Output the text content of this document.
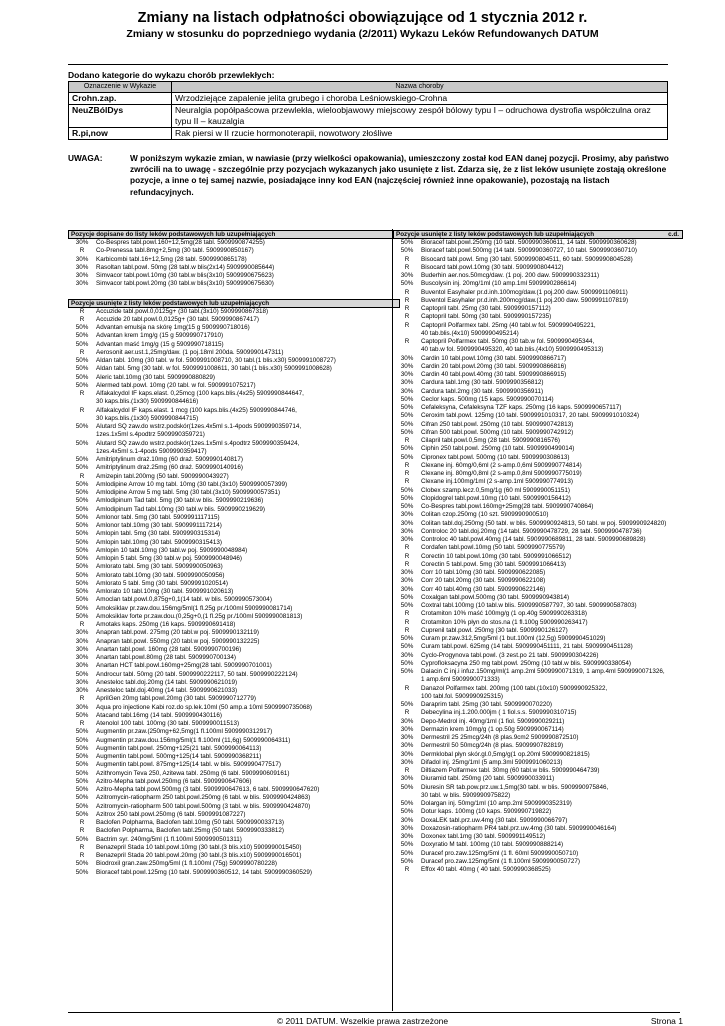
Zmiany na listach odpłatności obowiązujące od 1 stycznia 2012 r.
Zmiany w stosunku do poprzedniego wydania (2/2011) Wykazu Leków Refundowanych DATUM
Dodano kategorie do wykazu chorób przewlekłych:
Oznaczenie w Wykazie	Nazwa choroby
Crohn.zap.	Wrzodziejące zapalenie jelita grubego i choroba Leśniowskiego-Crohna
NeuZBólDys	Neuralgia popółpaścowa przewlekła, wieloobjawowy miejscowy zespół bólowy typu I – odruchowa dystrofia współczulna oraz typu II – kauzalgia
R.pi,now	Rak piersi w II rzucie hormonoterapii, nowotwory złośliwe
UWAGA:	W poniższym wykazie zmian, w nawiasie (przy wielkości opakowania), umieszczony został kod EAN danej pozycji. Prosimy, aby państwo zwrócili na to uwagę - szczególnie przy pozycjach wykazanych jako usunięte z list. Zdarza się, że z list leków usunięte zostają określone pozycje, a inne o tej samej nazwie, posiadające inny kod EAN (najczęściej również inne opakowanie), pozostają na listach refundacyjnych.
Pozycje dopisane do listy leków podstawowych lub uzupełniających
30%	Co-Bespres tabl.powl.160+12,5mg(28 tabl. 5909990874255)
R	Co-Prenessa tabl.8mg+2,5mg (30 tabl. 5909990850167)
30%	Karbicombi tabl.16+12,5mg (28 tabl. 5909990865178)
30%	Rasoltan tabl.powl. 50mg (28 tabl.w blis(2x14) 5909990085644)
30%	Simvacor tabl.powl.10mg (30 tabl.w blis(3x10) 5909990675623)
30%	Simvacor tabl.powl.20mg (30 tabl.w blis(3x10) 5909990675630)
Pozycje usunięte z listy leków podstawowych lub uzupełniających
R	Accuzide tabl.powl.0,0125g+ (30 tabl.(3x10) 5909990867318)
R	Accuzide 20 tabl.powl.0,0125g+ (30 tabl. 5909990867417)
50%	Advantan emulsja na skórę 1mg(15 g 5909990718016)
50%	Advantan krem 1mg/g (15 g 5909990717910)
50%	Advantan maść 1mg/g (15 g 5909990718115)
R	Aerosonit aer.ust.1,25mg/daw. (1 poj.18ml 200da. 5909990147311)
50%	Aldan tabl. 10mg (30 tabl. w fol. 5909991008710, 30 tabl.(1 blis.x30) 5909991008727)
50%	Aldan tabl. 5mg (30 tabl. w fol. 5909991008611, 30 tabl.(1 blis.x30) 5909991008628)
50%	Aleric tabl.10mg (30 tabl. 5909990880829)
50%	Alermed tabl.powl. 10mg (20 tabl. w fol. 5909991075217)
R	Alfakalcydol IF kaps.elast. 0,25mcg (100 kaps.blis.(4x25) 5909990844647,
30 kaps.blis.(1x30) 5909990844616)
R	Alfakalcydol IF kaps.elast. 1 mcg (100 kaps.blis.(4x25) 5909990844746,
30 kaps.blis.(1x30) 5909990844715)
50%	Alutard SQ zaw.do wstrz.podskór(1zes.4x5ml s.1-4pods 5909990359714,
1zes.1x5ml s.4podtrz 5909990359721)
50%	Alutard SQ zaw.do wstrz.podskór(1zes.1x5ml s.4podtrz 5909990359424,
1zes.4x5ml s.1-4pods 5909990359417)
50%	Amitriptylinum draż.10mg (60 draż. 5909990140817)
50%	Amitriptylinum draż.25mg (60 draż. 5909990140916)
R	Amizepin tabl.200mg (50 tabl. 5909990043927)
50%	Amlodipine Arrow 10 mg tabl. 10mg (30 tabl.(3x10) 5909990057399)
50%	Amlodipine Arrow 5 mg tabl. 5mg (30 tabl.(3x10) 5909990057351)
50%	Amlodipinum Tad tabl. 5mg (30 tabl.w blis. 5909990219636)
50%	Amlodipinum Tad tabl.10mg (30 tabl.w blis. 5909990219629)
50%	Amlonor tabl. 5mg (30 tabl. 5909991117115)
50%	Amlonor tabl.10mg (30 tabl. 5909991117214)
50%	Amlopin tabl. 5mg (30 tabl. 5909990315314)
50%	Amlopin tabl.10mg (30 tabl. 5909990315413)
50%	Amlopin 10 tabl.10mg (30 tabl.w poj. 5909990048984)
50%	Amlopin 5 tabl. 5mg (30 tabl.w poj. 5909990048946)
50%	Amlorato tabl. 5mg (30 tabl. 5909990050963)
50%	Amlorato tabl.10mg (30 tabl. 5909990050956)
50%	Amlorato 5 tabl. 5mg (30 tabl. 5909991020514)
50%	Amlorato 10 tabl.10mg (30 tabl. 5909991020613)
50%	Amoclan tabl.powl.0,875g+0,1(14 tabl. w blis. 5909990573004)
50%	Amoksiklav pr.zaw.dou.156mg/5ml(1 fl.25g pr./100ml 5909990081714)
50%	Amoksiklav forte pr.zaw.dou.(0,25g+0,(1 fl.25g pr./100ml 5909990081813)
R	Amotaks kaps. 250mg (16 kaps. 5909990691418)
30%	Anapran tabl.powl. 275mg (20 tabl.w poj. 5909990132119)
30%	Anapran tabl.powl. 550mg (20 tabl.w poj. 5909990132225)
30%	Anartan tabl.powl. 160mg (28 tabl. 5909990700196)
30%	Anartan tabl.powl.80mg (28 tabl. 5909990700134)
30%	Anartan HCT tabl.powl.160mg+25mg(28 tabl. 5909990701001)
50%	Androcur tabl. 50mg (20 tabl. 5909990222117, 50 tabl. 5909990222124)
30%	Anesteloc tabl.doj.20mg (14 tabl. 5909990621019)
30%	Anesteloc tabl.doj.40mg (14 tabl. 5909990621033)
R	AprilGen 20mg tabl.powl.20mg (30 tabl. 5909990712779)
30%	Aqua pro injectione Kabi roz.do sp.lek.10ml (50 amp.a 10ml 5909990735068)
50%	Atacand tabl.16mg (14 tabl. 5909990430116)
R	Atenolol 100 tabl. 100mg (30 tabl. 5909990011513)
50%	Augmentin pr.zaw.(250mg+62,5mg(1 fl.100ml 5909990312917)
50%	Augmentin pr.zaw.dou.156mg/5ml(1 fl.100ml (11,6g) 5909990064311)
50%	Augmentin tabl.powl. 250mg+125(21 tabl. 5909990064113)
50%	Augmentin tabl.powl. 500mg+125(14 tabl. 5909990368211)
50%	Augmentin tabl.powl. 875mg+125(14 tabl. w blis. 5909990477517)
50%	Azithromycin Teva 250, Azitewa tabl. 250mg (6 tabl. 5909990609161)
50%	Azitro-Mepha tabl.powl.250mg (6 tabl. 5909990647606)
50%	Azitro-Mepha tabl.powl.500mg (3 tabl. 5909990647613, 6 tabl. 5909990647620)
50%	Azitromycin-ratiopharm 250 tabl.powl.250mg (6 tabl. w blis. 5909990424863)
50%	Azitromycin-ratiopharm 500 tabl.powl.500mg (3 tabl. w blis. 5909990424870)
50%	Azitrox 250 tabl.powl.250mg (6 tabl. 5909991087227)
R	Baclofen Polpharma, Baclofen tabl.10mg (50 tabl. 5909990033713)
R	Baclofen Polpharma, Baclofen tabl.25mg (50 tabl. 5909990333812)
50%	Bactrim syr. 240mg/5ml (1 fl.100ml 5909990501311)
R	Benazepril Stada 10 tabl.powl.10mg (30 tabl.(3 blis.x10) 5909990015450)
R	Benazepril Stada 20 tabl.powl.20mg (30 tabl.(3 blis.x10) 5909990016501)
50%	Biodroxil gran.zaw.250mg/5ml (1 fl.100ml (75g) 5909990780228)
50%	Bioracef tabl.powl.125mg (10 tabl. 5909990360512, 14 tabl. 5909990360529)
Pozycje usunięte z listy leków podstawowych lub uzupełniających	c.d.
50%	Bioracef tabl.powl.250mg (10 tabl. 5909990360611, 14 tabl. 5909990360628)
50%	Bioracef tabl.powl.500mg (14 tabl. 5909990360727, 10 tabl. 5909990360710)
R	Bisocard tabl.powl. 5mg (30 tabl. 5909990804511, 60 tabl. 5909990804528)
R	Bisocard tabl.powl.10mg (30 tabl. 5909990804412)
30%	Buderhin aer.nos.50mcg/daw. (1 poj. 200 daw. 5909990332311)
50%	Buscolysin inj. 20mg/1ml (10 amp.1ml 5909990286614)
R	Buventol Easyhaler pr.d.inh.100mcg/daw.(1 poj.200 daw. 5909991106911)
R	Buventol Easyhaler pr.d.inh.200mcg/daw.(1 poj.200 daw. 5909991107819)
R	Captopril tabl. 25mg (30 tabl. 5909990157112)
R	Captopril tabl. 50mg (30 tabl. 5909990157235)
R	Captopril Polfarmex tabl. 25mg (40 tabl.w fol. 5909990495221,
40 tab.blis.(4x10) 5909990495214)
R	Captopril Polfarmex tabl. 50mg (30 tab.w fol. 5909990495344,
40 tab.w fol. 5909990495320, 40 tab.blis.(4x10) 5909990495313)
30%	Cardin 10 tabl.powl.10mg (30 tabl. 5909990866717)
30%	Cardin 20 tabl.powl.20mg (30 tabl. 5909990866816)
30%	Cardin 40 tabl.powl.40mg (30 tabl. 5909990866915)
30%	Cardura tabl.1mg (30 tabl. 5909990356812)
30%	Cardura tabl.2mg (30 tabl. 5909990356911)
50%	Ceclor kaps. 500mg (15 kaps. 5909990070114)
50%	Cefaleksyna, Cefaleksyna TZF kaps. 250mg (16 kaps. 5909990657117)
50%	Ceroxim tabl.powl. 125mg (10 tabl. 5909991010317, 20 tabl. 5909991010324)
50%	Cifran 250 tabl.powl. 250mg (10 tabl. 5909990742813)
50%	Cifran 500 tabl.powl. 500mg (10 tabl. 5909990742912)
R	Cilapril tabl.powl.0,5mg (28 tabl. 5909990816576)
50%	Ciphin 250 tabl.powl. 250mg (10 tabl. 5909990499014)
50%	Cipronex tabl.powl. 500mg (10 tabl. 5909990308613)
R	Clexane inj. 60mg/0,6ml (2 s-amp.0,6ml 5909990774814)
R	Clexane inj. 80mg/0,8ml (2 s-amp.0,8ml 5909990775019)
R	Clexane inj.100mg/1ml (2 s-amp.1ml 5909990774913)
50%	Clobex szamp.lecz.0,5mg/1g (60 ml 5909990051151)
50%	Clopidogrel tabl.powl.10mg (10 tabl. 5909990156412)
50%	Co-Bespres tabl.powl.160mg+25mg(28 tabl. 5909990740864)
30%	Colitan czop.250mg (10 szt. 5909990900510)
30%	Colitan tabl.doj.250mg (50 tabl. w blis. 5909990924813, 50 tabl. w poj. 5909990924820)
30%	Controloc 20 tabl.doj.20mg (14 tabl. 5909990478729, 28 tabl. 5909990478736)
30%	Controloc 40 tabl.powl.40mg (14 tabl. 5909990689811, 28 tabl. 5909990689828)
R	Cordafen tabl.powl.10mg (50 tabl. 5909990775579)
R	Corectin 10 tabl.powl.10mg (30 tabl. 5909991066512)
R	Corectin 5 tabl.powl. 5mg (30 tabl. 5909991066413)
30%	Corr 10 tabl.10mg (30 tabl. 5909990622085)
30%	Corr 20 tabl.20mg (30 tabl. 5909990622108)
30%	Corr 40 tabl.40mg (30 tabl. 5909990622146)
50%	Coxalgan tabl.powl.500mg (30 tabl. 5909990943814)
50%	Coxtral tabl.100mg (10 tabl.w blis. 5909990587797, 30 tabl. 5909990587803)
R	Crotamiton 10% maść 100mg/g (1 op.40g 5909990263318)
R	Crotamiton 10% płyn do stos.na (1 fl.100g 5909990263417)
R	Cuprenil tabl.powl. 250mg (30 tabl. 5909990126127)
50%	Curam pr.zaw.312,5mg/5ml (1 but.100ml (12,5g) 5909990451029)
50%	Curam tabl.powl. 625mg (14 tabl. 5909990451111, 21 tabl. 5909990451128)
30%	Cyclo-Progynova tabl.powl. (3 zest.po 21 tabl. 5909990304226)
50%	Cyprofloksacyna 250 mg tabl.powl. 250mg (10 tabl.w blis. 5909990338054)
50%	Dalacin C inj.i infuz.150mg/ml(1 amp.2ml 5909990071319, 1 amp.4ml 5909990071326,
1 amp.6ml 5909990071333)
R	Danazol Polfarmex tabl. 200mg (100 tabl.(10x10) 5909990925322,
100 tabl.fol. 5909990925315)
50%	Daraprim tabl. 25mg (30 tabl. 5909990070220)
R	Debecylina inj.1.200.000jm ( 1 fiol.s.s. 5909990310715)
30%	Depo-Medrol inj. 40mg/1ml (1 fiol. 5909990029211)
30%	Dermazin krem 10mg/g (1 op.50g 5909990067114)
30%	Dermestril 25 25mcg/24h (8 plas.9cm2 5909990872510)
30%	Dermestril 50 50mcg/24h (8 plas. 5909990782819)
30%	Dermklobal płyn skór.gl.0,5mg/g(1 op.20ml 5909990821815)
30%	Difadol inj. 25mg/1ml (5 amp.3ml 5909991060213)
R	Diltiazem Polfarmex tabl. 30mg (60 tabl.w blis. 5909990464739)
30%	Diuramid tabl. 250mg (20 tabl. 5909990033911)
50%	Diuresin SR tab.pow.prz.uw.1,5mg(30 tabl. w blis. 5909990975846,
30 tabl. w blis. 5909990975822)
50%	Dolargan inj. 50mg/1ml (10 amp.2ml 5909990352319)
50%	Dotur kaps. 100mg (10 kaps. 5909990719822)
30%	DoxaLEK tabl.prz.uw.4mg (30 tabl. 5909990066797)
30%	Doxazosin-ratiopharm PR4 tabl.prz.uw.4mg (30 tabl. 5909990046164)
30%	Doxonex tabl.1mg (30 tabl. 5909991149512)
50%	Doxyratio M tabl. 100mg (10 tabl. 5909990888214)
50%	Duracef pro.zaw.125mg/5ml (1 fl. 60ml 5909990050710)
50%	Duracef pro.zaw.125mg/5ml (1 fl.100ml 5909990050727)
R	Effox 40 tabl. 40mg ( 40 tabl. 5909990368525)
© 2011 DATUM. Wszelkie prawa zastrzeżone	Strona 1
